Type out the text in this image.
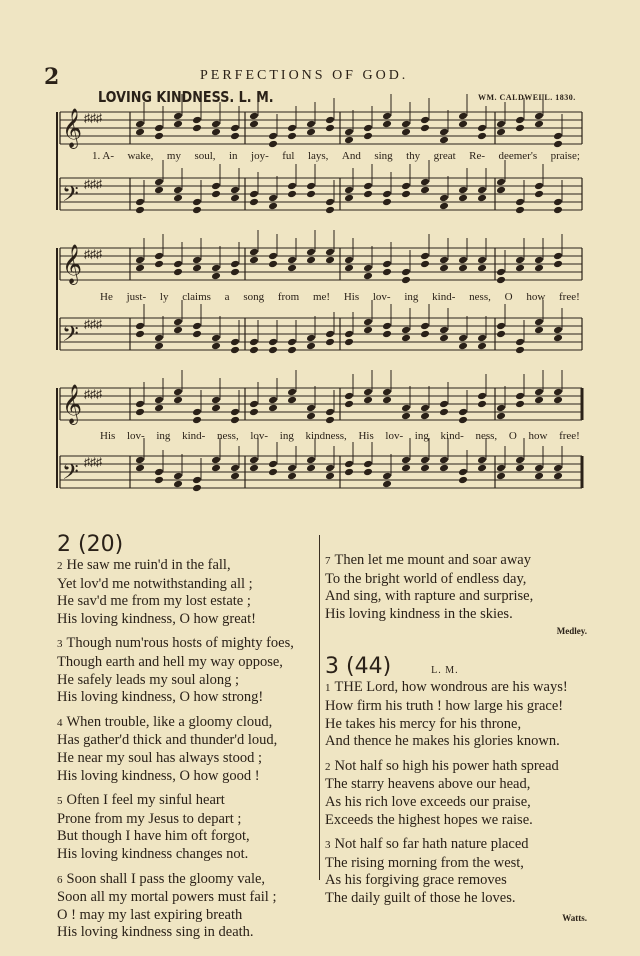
2	PERFECTIONS OF GOD.
LOVING KINDNESS. L. M.	WM. CALDWELL. 1830.
𝄞 ♯♯♯
𝄢 ♯♯♯
𝄞 ♯♯♯
𝄢 ♯♯♯
𝄞 ♯♯♯
𝄢 ♯♯♯
1. A- wake, my soul, in joy- ful lays, And sing thy great Re- deemer's praise;
He just- ly claims a song from me! His lov- ing kind- ness, O how free!
His lov- ing kind- ness, lov- ing kindness, His lov- ing kind- ness, O how free!
2 (20)
2 He saw me ruin'd in the fall,
Yet lov'd me notwithstanding all ;
He sav'd me from my lost estate ;
His loving kindness, O how great!
3 Though num'rous hosts of mighty foes,
Though earth and hell my way oppose,
He safely leads my soul along ;
His loving kindness, O how strong!
4 When trouble, like a gloomy cloud,
Has gather'd thick and thunder'd loud,
He near my soul has always stood ;
His loving kindness, O how good !
5 Often I feel my sinful heart
Prone from my Jesus to depart ;
But though I have him oft forgot,
His loving kindness changes not.
6 Soon shall I pass the gloomy vale,
Soon all my mortal powers must fail ;
O ! may my last expiring breath
His loving kindness sing in death.
7 Then let me mount and soar away
To the bright world of endless day,
And sing, with rapture and surprise,
His loving kindness in the skies.
Medley.
3 (44)	L. M.
1 THE Lord, how wondrous are his ways!
How firm his truth ! how large his grace!
He takes his mercy for his throne,
And thence he makes his glories known.
2 Not half so high his power hath spread
The starry heavens above our head,
As his rich love exceeds our praise,
Exceeds the highest hopes we raise.
3 Not half so far hath nature placed
The rising morning from the west,
As his forgiving grace removes
The daily guilt of those he loves.
Watts.
